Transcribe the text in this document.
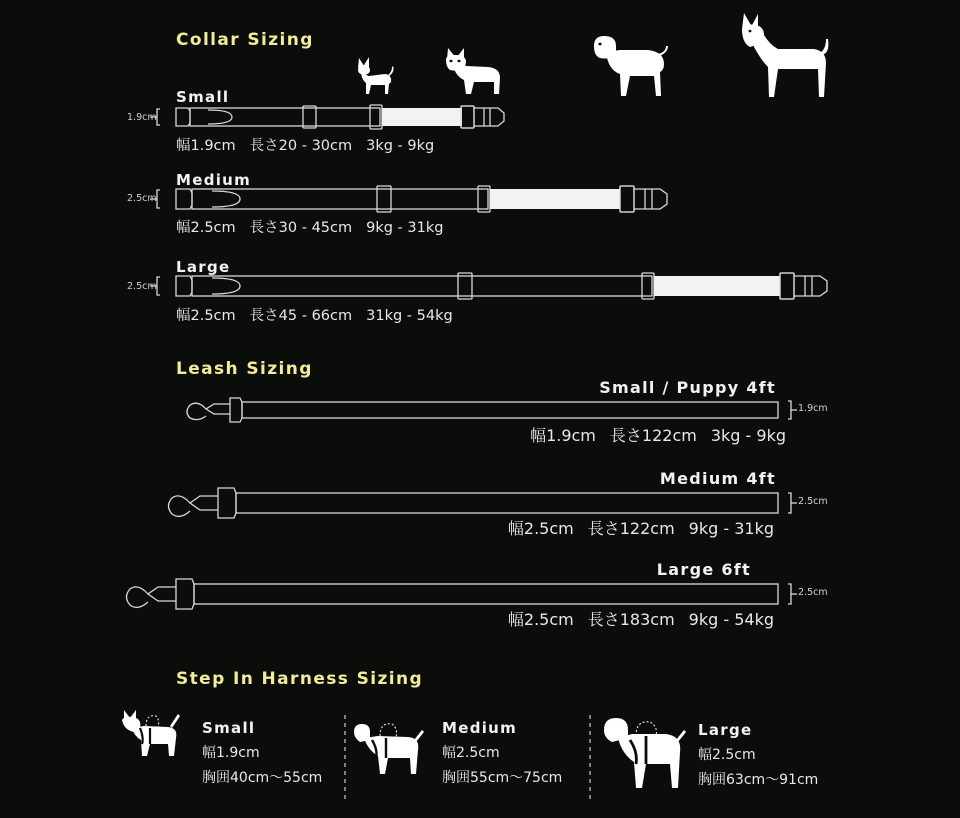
Collar Sizing
Small
Medium
Large
1.9cm
2.5cm
2.5cm
幅1.9cm 長さ20 - 30cm 3kg - 9kg
幅2.5cm 長さ30 - 45cm 9kg - 31kg
幅2.5cm 長さ45 - 66cm 31kg - 54kg
Leash Sizing
Small / Puppy 4ft
Medium 4ft
Large 6ft
1.9cm
2.5cm
2.5cm
幅1.9cm 長さ122cm 3kg - 9kg
幅2.5cm 長さ122cm 9kg - 31kg
幅2.5cm 長さ183cm 9kg - 54kg
Step In Harness Sizing
Small
幅1.9cm
胸囲40cm～55cm
Medium
幅2.5cm
胸囲55cm～75cm
Large
幅2.5cm
胸囲63cm～91cm
